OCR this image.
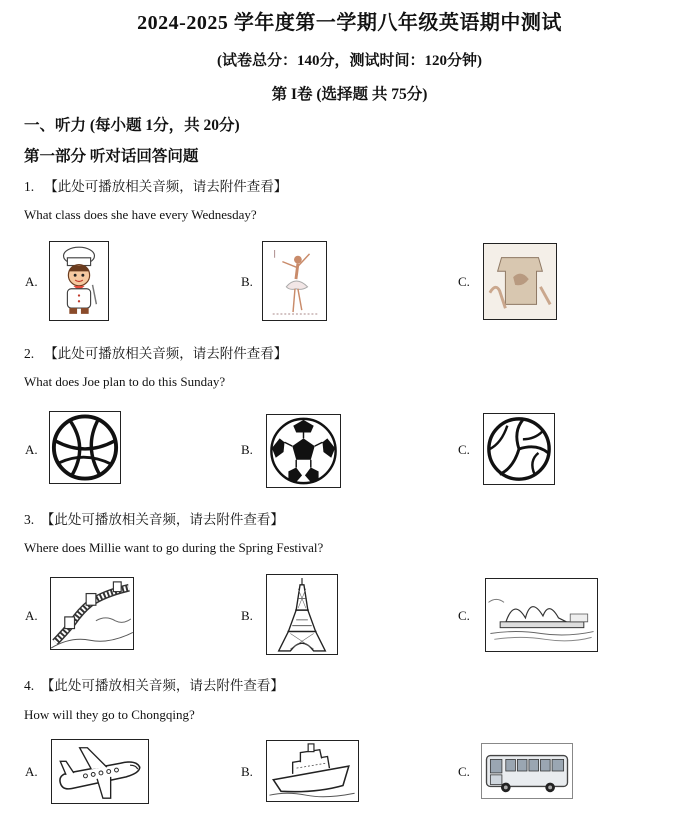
2024-2025 学年度第一学期八年级英语期中测试
(试卷总分：140分，测试时间：120分钟)
第 I卷 (选择题 共 75分)
一、听力 (每小题 1分，共 20分)
第一部分 听对话回答问题
1. 【此处可播放相关音频，请去附件查看】
What class does she have every Wednesday?
A.	B.	C.
2. 【此处可播放相关音频，请去附件查看】
What does Joe plan to do this Sunday?
A.	B.	C.
3. 【此处可播放相关音频，请去附件查看】
Where does Millie want to go during the Spring Festival?
A.	B.	C.
4. 【此处可播放相关音频，请去附件查看】
How will they go to Chongqing?
A.	B.	C.
